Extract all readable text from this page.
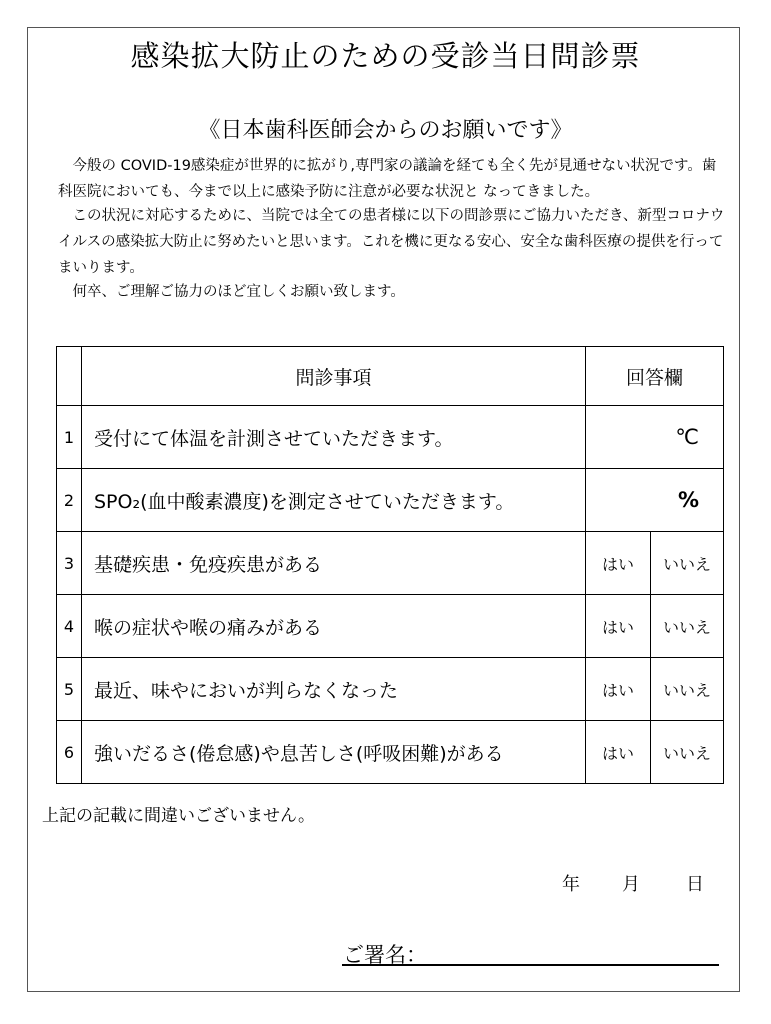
感染拡大防止のための受診当日問診票
《日本歯科医師会からのお願いです》

今般の COVID-19感染症が世界的に拡がり,専門家の議論を経ても全く先が見通せない状況です。歯科医院においても、今まで以上に感染予防に注意が必要な状況と なってきました。

この状況に対応するために、当院では全ての患者様に以下の問診票にご協力いただき、新型コロナウイルスの感染拡大防止に努めたいと思います。これを機に更なる安心、安全な歯科医療の提供を行ってまいります。

何卒、ご理解ご協力のほど宜しくお願い致します。

	問診事項	回答欄	
1	受付にて体温を計測させていただきます。	℃	
2	SPO₂(血中酸素濃度)を測定させていただきます。	%	
3	基礎疾患・免疫疾患がある	はい	いいえ
4	喉の症状や喉の痛みがある	はい	いいえ
5	最近、味やにおいが判らなくなった	はい	いいえ
6	強いだるさ(倦怠感)や息苦しさ(呼吸困難)がある	はい	いいえ
上記の記載に間違いございません。
年 月	日
ご署名：
